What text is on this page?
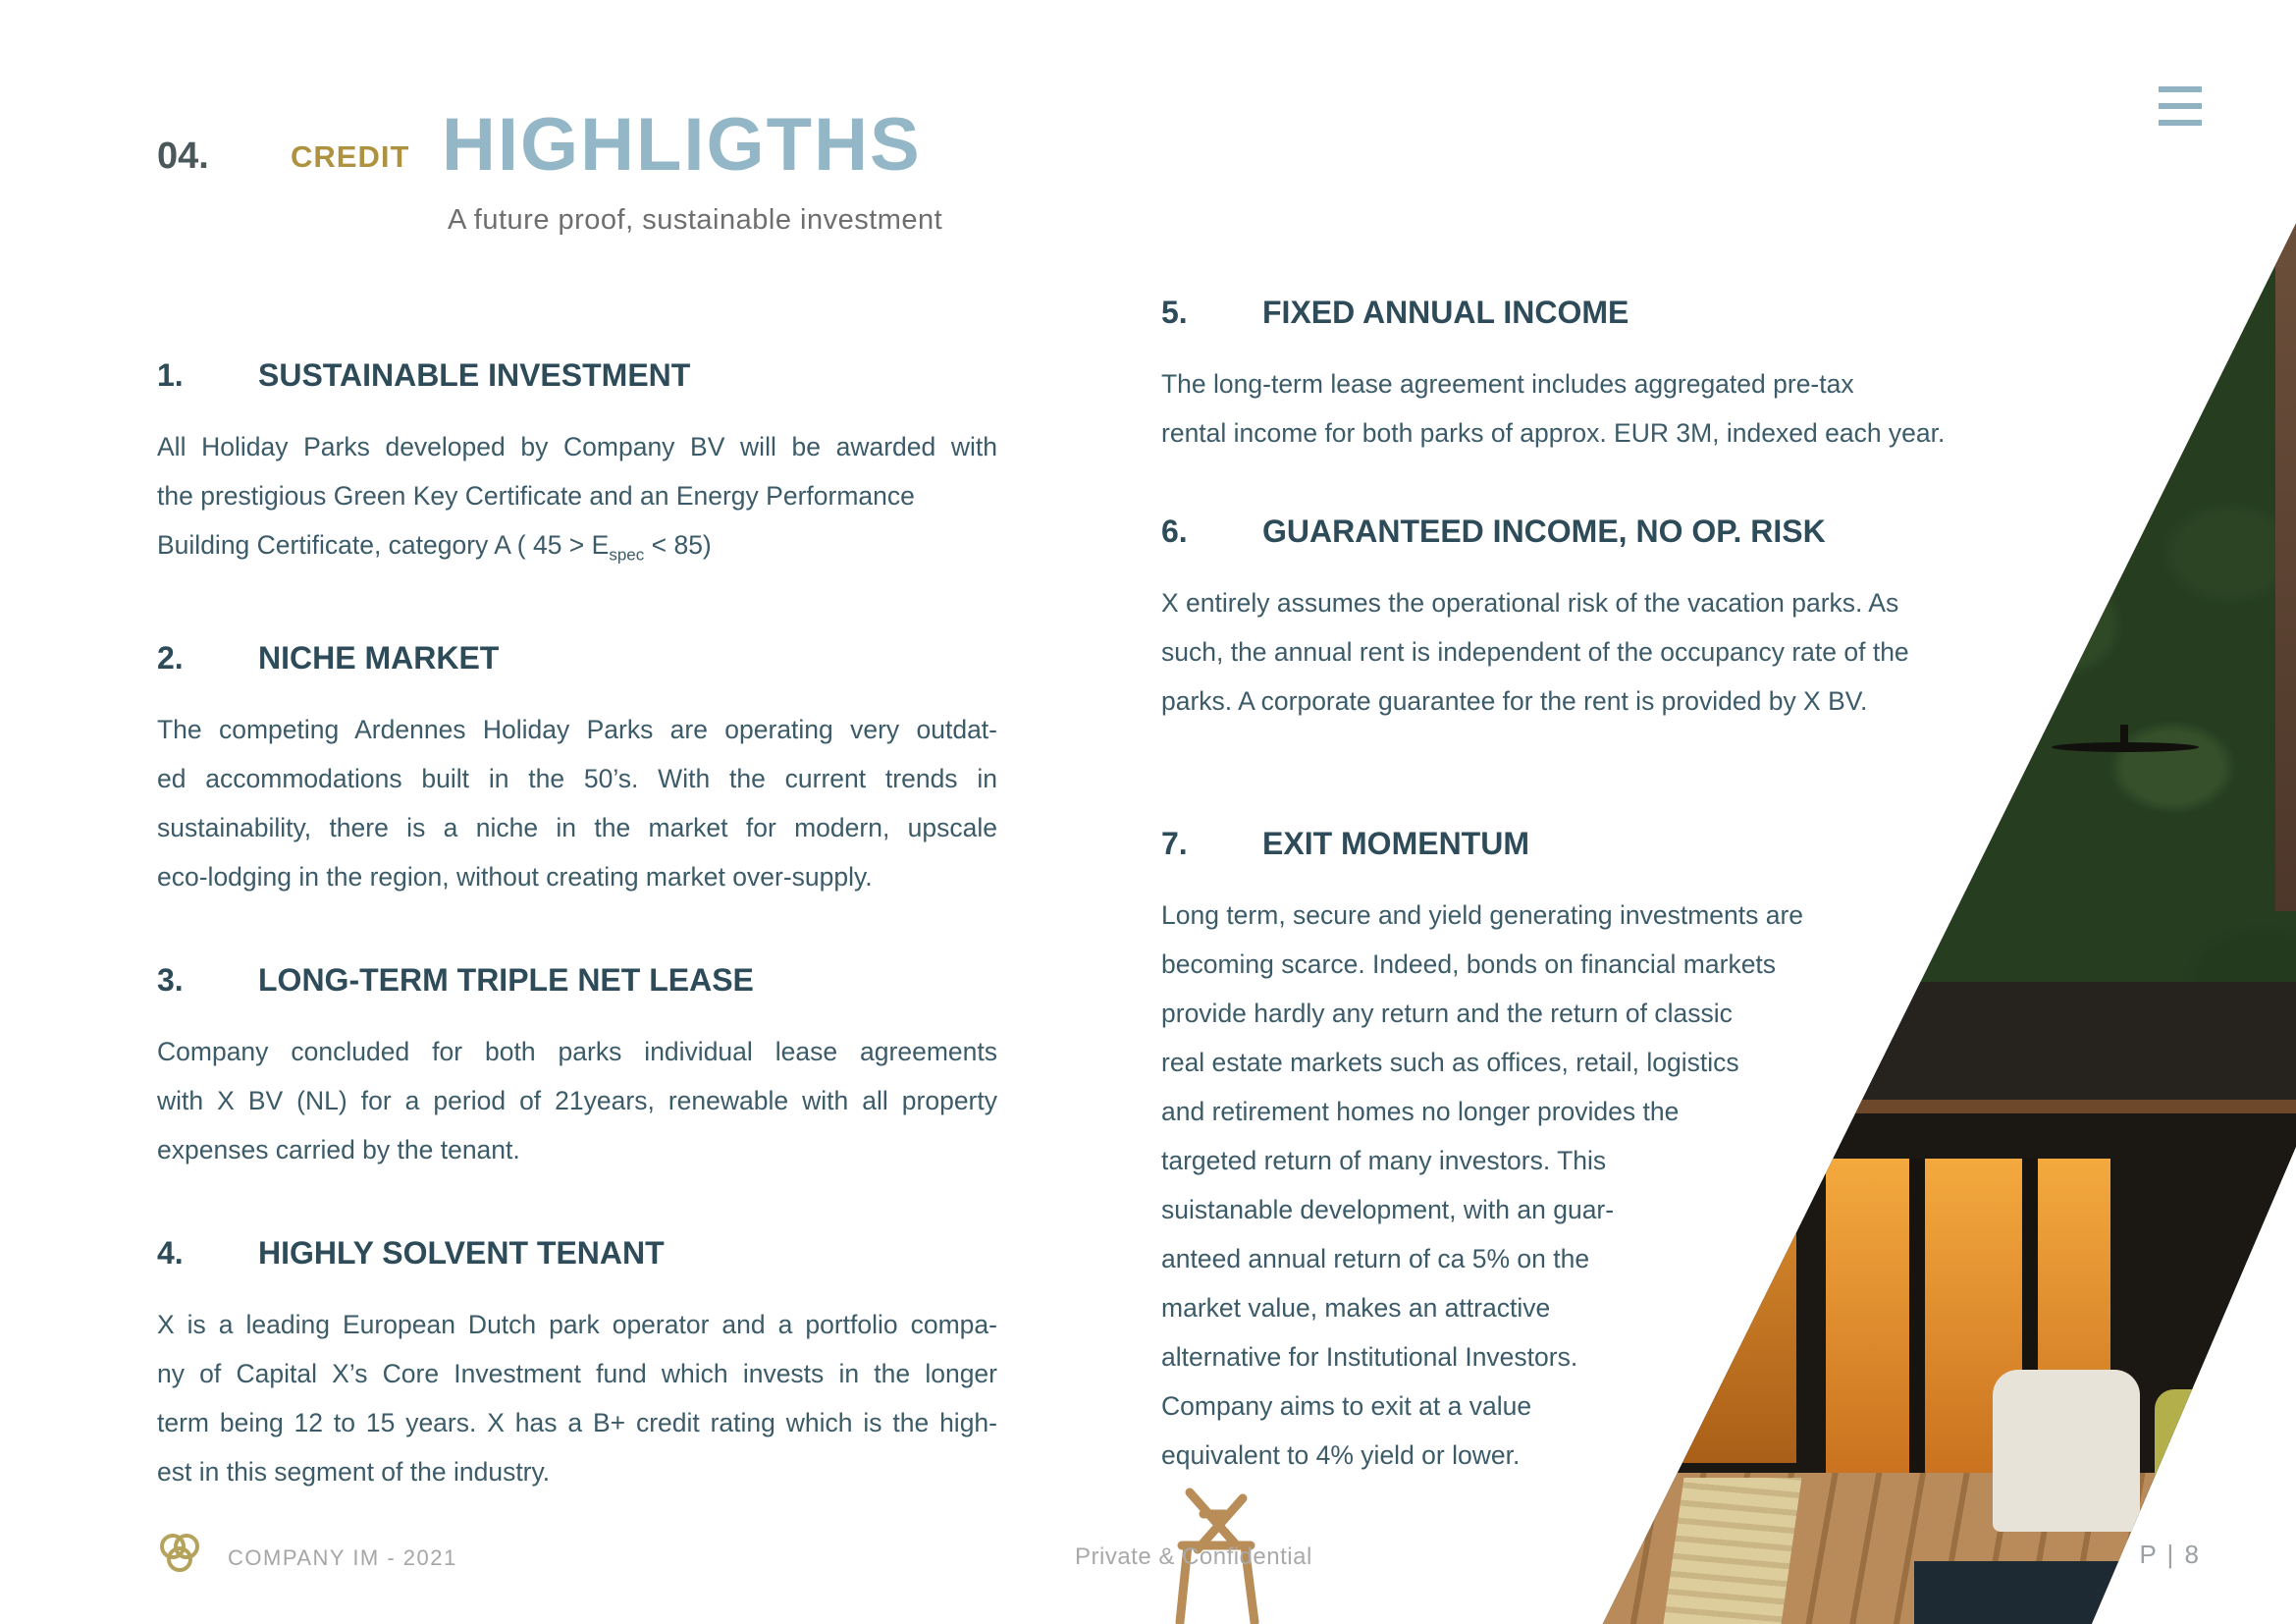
04.	CREDIT HIGHLIGTHS
A future proof, sustainable investment
1. SUSTAINABLE INVESTMENT
All Holiday Parks developed by Company BV will be awarded with
the prestigious Green Key Certificate and an Energy Performance
Building Certificate, category A ( $45 > E_{spec} < 85$)
2. NICHE MARKET
The competing Ardennes Holiday Parks are operating very outdat-
ed accommodations built in the 50’s. With the current trends in
sustainability, there is a niche in the market for modern, upscale
eco-lodging in the region, without creating market over-supply.
3. LONG-TERM TRIPLE NET LEASE
Company concluded for both parks individual lease agreements
with X BV (NL) for a period of 21years, renewable with all property
expenses carried by the tenant.
4. HIGHLY SOLVENT TENANT
X is a leading European Dutch park operator and a portfolio compa-
ny of Capital X’s Core Investment fund which invests in the longer
term being 12 to 15 years. X has a B+ credit rating which is the high-
est in this segment of the industry.
5. FIXED ANNUAL INCOME
The long-term lease agreement includes aggregated pre-tax
rental income for both parks of approx. EUR 3M, indexed each year.
6. GUARANTEED INCOME, NO OP. RISK
X entirely assumes the operational risk of the vacation parks. As
such, the annual rent is independent of the occupancy rate of the
parks. A corporate guarantee for the rent is provided by X BV.
7. EXIT MOMENTUM
Long term, secure and yield generating investments are
becoming scarce. Indeed, bonds on financial markets
provide hardly any return and the return of classic
real estate markets such as offices, retail, logistics
and retirement homes no longer provides the
targeted return of many investors. This
suistanable development, with an guar-
anteed annual return of ca 5% on the
market value, makes an attractive
alternative for Institutional Investors.
Company aims to exit at a value
equivalent to 4% yield or lower.
COMPANY IM - 2021	Private & Confidential	P | 8
